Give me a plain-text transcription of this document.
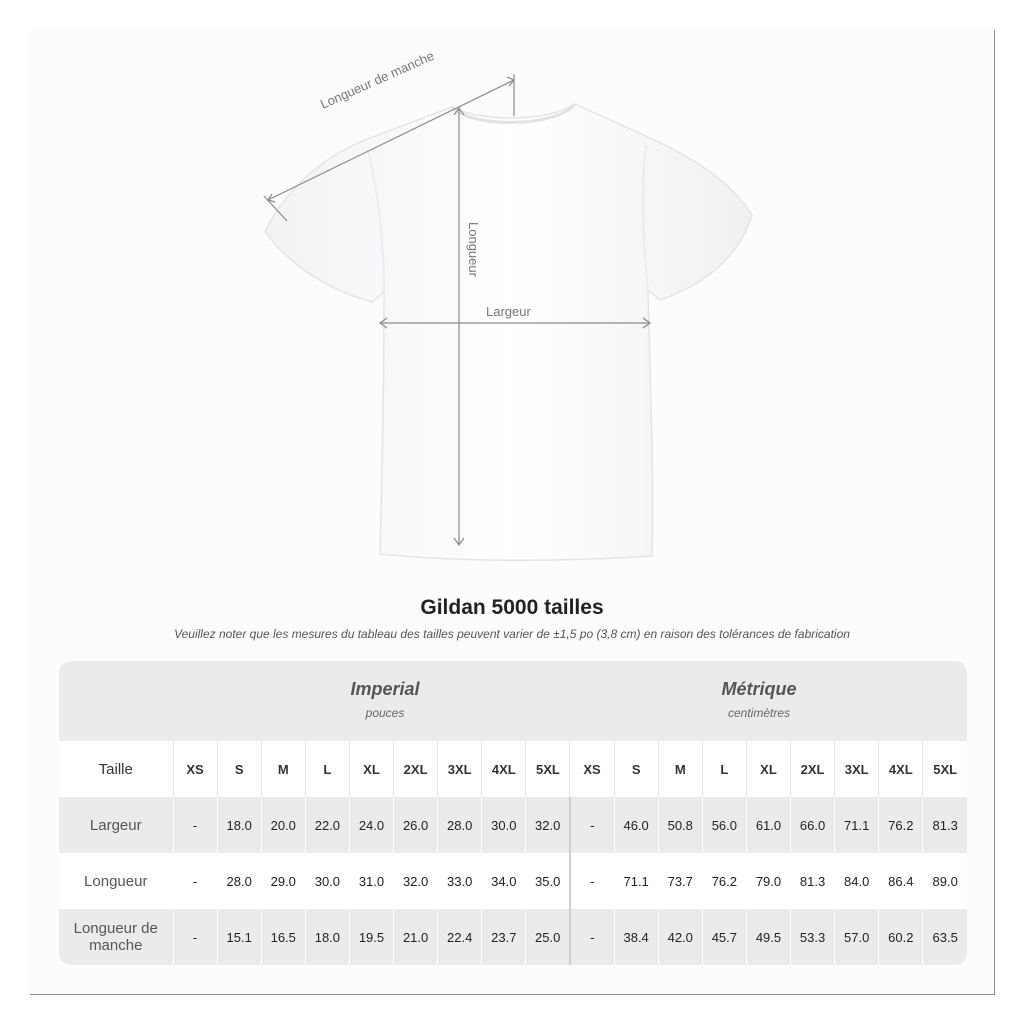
Longueur de manche
Longueur
Largeur
Gildan 5000 tailles
Veuillez noter que les mesures du tableau des tailles peuvent varier de ±1,5 po (3,8 cm) en raison des tolérances de fabrication
Imperial
pouces
Métrique
centimètres
Taille	XS	S	M	L	XL	2XL	3XL	4XL	5XL	XS	S	M	L	XL	2XL	3XL	4XL	5XL
Largeur	-	18.0	20.0	22.0	24.0	26.0	28.0	30.0	32.0	-	46.0	50.8	56.0	61.0	66.0	71.1	76.2	81.3
Longueur	-	28.0	29.0	30.0	31.0	32.0	33.0	34.0	35.0	-	71.1	73.7	76.2	79.0	81.3	84.0	86.4	89.0
Longueur de manche	-	15.1	16.5	18.0	19.5	21.0	22.4	23.7	25.0	-	38.4	42.0	45.7	49.5	53.3	57.0	60.2	63.5
